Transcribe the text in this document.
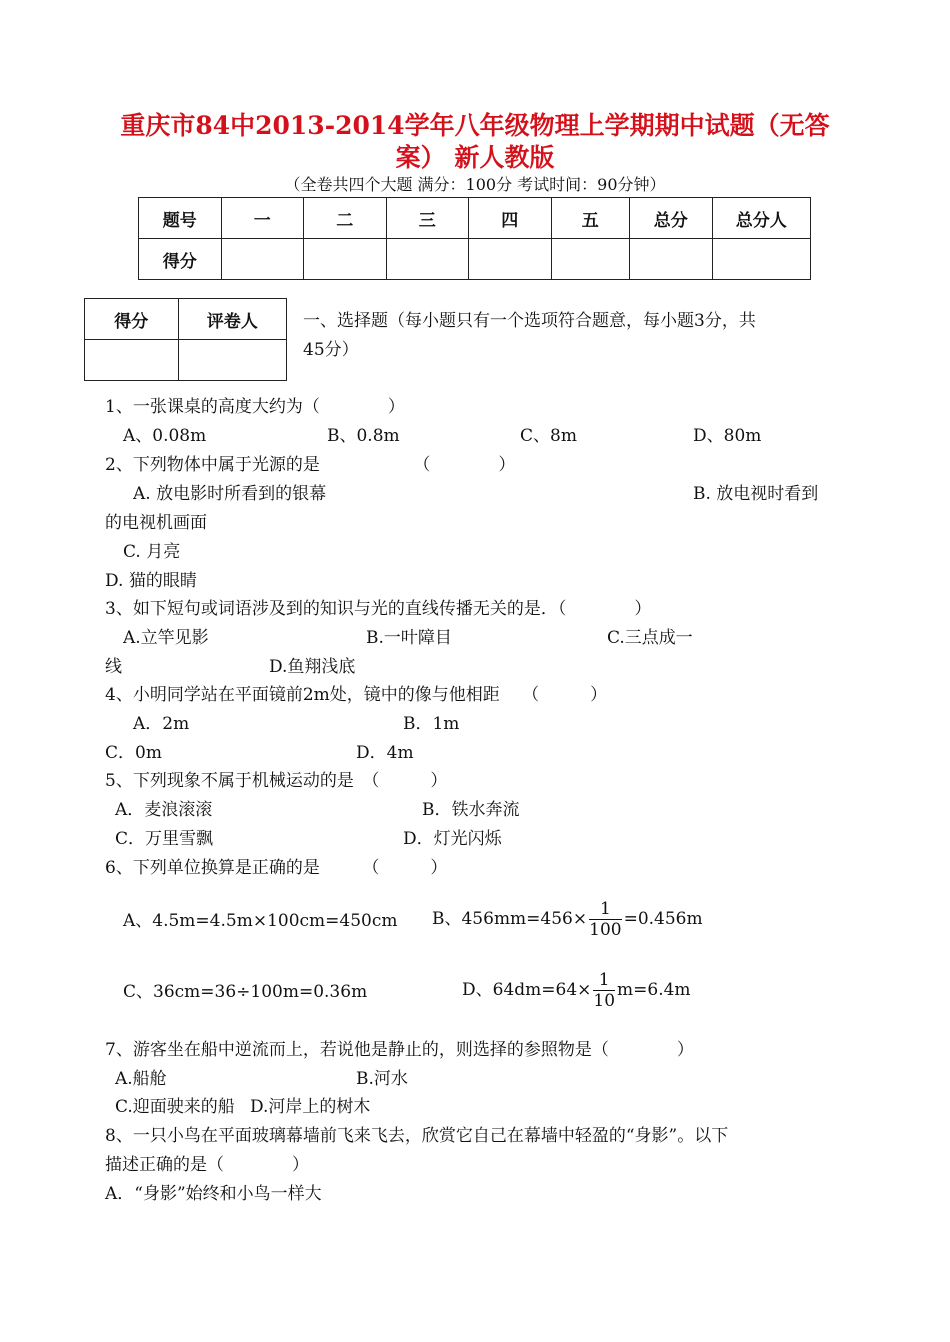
重庆市84中2013-2014学年八年级物理上学期期中试题（无答
案） 新人教版
（全卷共四个大题 满分：100分 考试时间：90分钟）
题号	一	二	三	四	五	总分	总分人
得分							
得分	评卷人
		一、选择题（每小题只有一个选项符合题意，每小题3分，共
45分）
1、一张课桌的高度大约为（　　　　）
A、0.08m	B、0.8m	C、8m	D、80m
2、下列物体中属于光源的是　　　　　　（　　　　）
A. 放电影时所看到的银幕	B. 放电视时看到
的电视机画面
C. 月亮
D. 猫的眼睛
3、如下短句或词语涉及到的知识与光的直线传播无关的是．（　　　　）
A.立竿见影	B.一叶障目	C.三点成一
线	D.鱼翔浅底
4、小明同学站在平面镜前2m处，镜中的像与他相距　 （　　　）
A．2m	B．1m
C．0m	D．4m
5、下列现象不属于机械运动的是　（　　　）
A．麦浪滚滚	B．铁水奔流
C．万里雪飘	D．灯光闪烁
6、下列单位换算是正确的是　　　（　　　）
A、4.5m=4.5m×100cm=450cm B、$456mm=456\times \frac{1}{100} =0.456m$
C、36cm=36÷100m=0.36m	D、$64dm=64\times \frac{1}{10} m=6.4m$
7、游客坐在船中逆流而上，若说他是静止的，则选择的参照物是（　　　　）
A.船舱	B.河水
C.迎面驶来的船 D.河岸上的树木
8、一只小鸟在平面玻璃幕墙前飞来飞去，欣赏它自己在幕墙中轻盈的“身影”。以下
描述正确的是（　　　　）
A．“身影”始终和小鸟一样大
